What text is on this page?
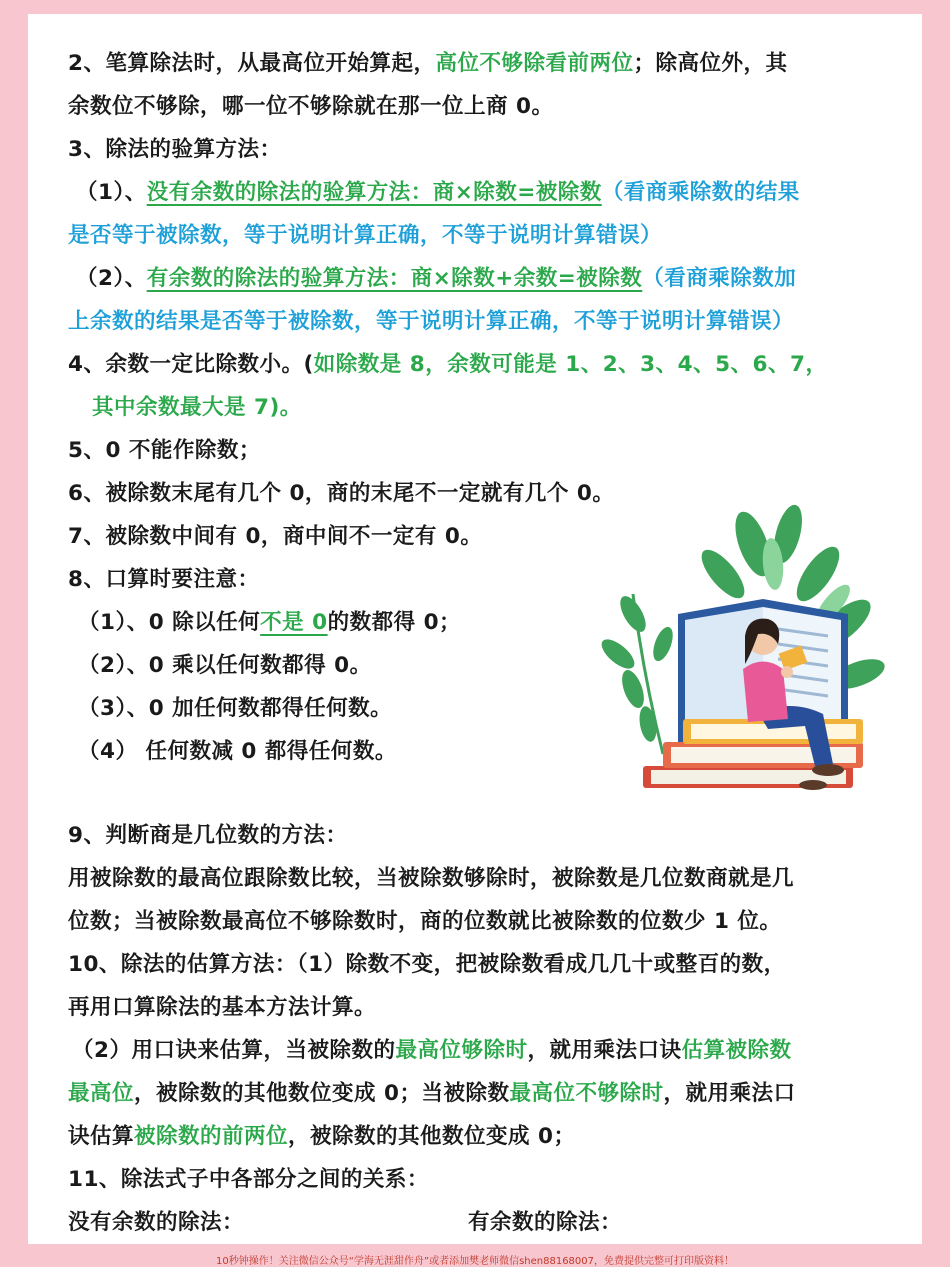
2、笔算除法时，从最高位开始算起，高位不够除看前两位；除高位外，其
余数位不够除，哪一位不够除就在那一位上商 0。
3、除法的验算方法：
（1）、没有余数的除法的验算方法：商×除数=被除数（看商乘除数的结果
是否等于被除数，等于说明计算正确，不等于说明计算错误）
（2）、有余数的除法的验算方法：商×除数+余数=被除数（看商乘除数加
上余数的结果是否等于被除数，等于说明计算正确，不等于说明计算错误）
4、余数一定比除数小。(如除数是 8，余数可能是 1、2、3、4、5、6、7，
其中余数最大是 7)。
5、0 不能作除数；
6、被除数末尾有几个 0，商的末尾不一定就有几个 0。
7、被除数中间有 0，商中间不一定有 0。
8、口算时要注意：
（1）、0 除以任何不是 0的数都得 0；
（2）、0 乘以任何数都得 0。
（3）、0 加任何数都得任何数。
（4） 任何数减 0 都得任何数。
9、判断商是几位数的方法：
用被除数的最高位跟除数比较，当被除数够除时，被除数是几位数商就是几
位数；当被除数最高位不够除数时，商的位数就比被除数的位数少 1 位。
10、除法的估算方法：（1）除数不变，把被除数看成几几十或整百的数，
再用口算除法的基本方法计算。
（2）用口诀来估算，当被除数的最高位够除时，就用乘法口诀估算被除数
最高位，被除数的其他数位变成 0；当被除数最高位不够除时，就用乘法口
诀估算被除数的前两位，被除数的其他数位变成 0；
11、除法式子中各部分之间的关系：
没有余数的除法：	有余数的除法：
10秒钟操作！关注微信公众号“学海无涯甜作舟”或者添加樊老师微信shen88168007，免费提供完整可打印版资料！
